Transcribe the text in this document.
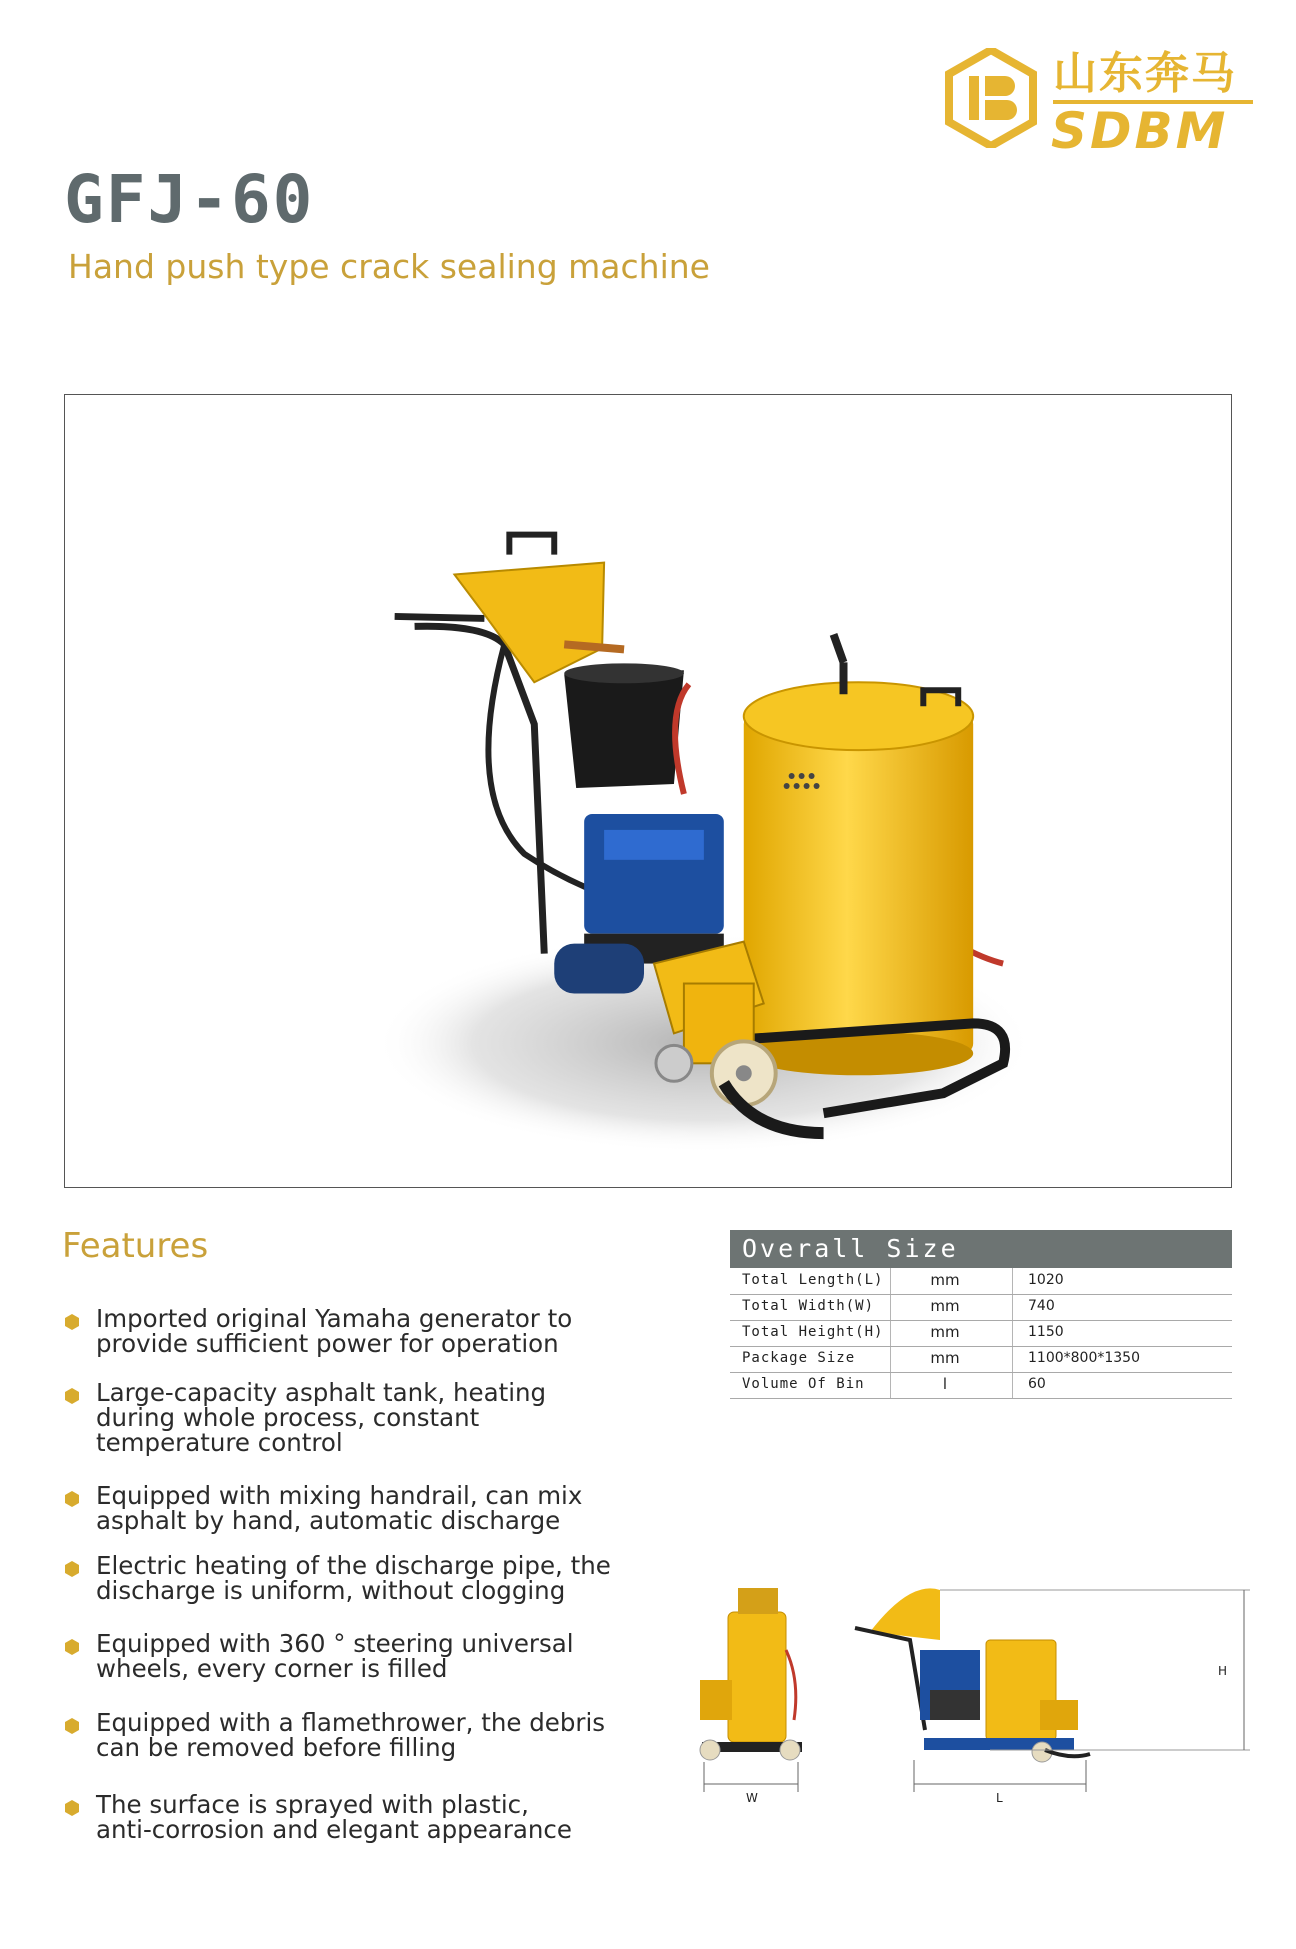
山东奔马
SDBM
GFJ-60
Hand push type crack sealing machine
Features
Imported original Yamaha generator to
provide sufficient power for operation
Large-capacity asphalt tank, heating
during whole process, constant
temperature control
Equipped with mixing handrail, can mix
asphalt by hand, automatic discharge
Electric heating of the discharge pipe, the
discharge is uniform, without clogging
Equipped with 360 ° steering universal
wheels, every corner is filled
Equipped with a flamethrower, the debris
can be removed before filling
The surface is sprayed with plastic,
anti-corrosion and elegant appearance
Overall Size
Total Length(L)	mm	1020
Total Width(W)	mm	740
Total Height(H)	mm	1150
Package Size	mm	1100*800*1350
Volume Of Bin	l	60
W	L
H
